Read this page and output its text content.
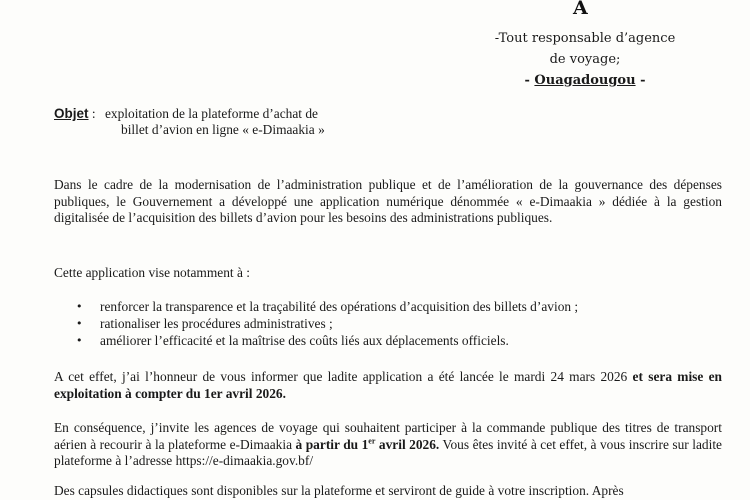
A
-Tout responsable d’agence
de voyage;
- Ouagadougou -
Objet : exploitation de la plateforme d’achat de
billet d’avion en ligne « e-Dimaakia »

Dans le cadre de la modernisation de l’administration publique et de l’amélioration de la gouvernance des dépenses publiques, le Gouvernement a développé une application numérique dénommée « e-Dimaakia » dédiée à la gestion digitalisée de l’acquisition des billets d’avion pour les besoins des administrations publiques.

Cette application vise notamment à :

• renforcer la transparence et la traçabilité des opérations d’acquisition des billets d’avion ;
• rationaliser les procédures administratives ;
• améliorer l’efficacité et la maîtrise des coûts liés aux déplacements officiels.

A cet effet, j’ai l’honneur de vous informer que ladite application a été lancée le mardi 24 mars 2026 et sera mise en exploitation à compter du 1er avril 2026.

En conséquence, j’invite les agences de voyage qui souhaitent participer à la commande publique des titres de transport aérien à recourir à la plateforme e-Dimaakia à partir du 1er avril 2026. Vous êtes invité à cet effet, à vous inscrire sur ladite plateforme à l’adresse https://e-dimaakia.gov.bf/

Des capsules didactiques sont disponibles sur la plateforme et serviront de guide à votre inscription. Après
